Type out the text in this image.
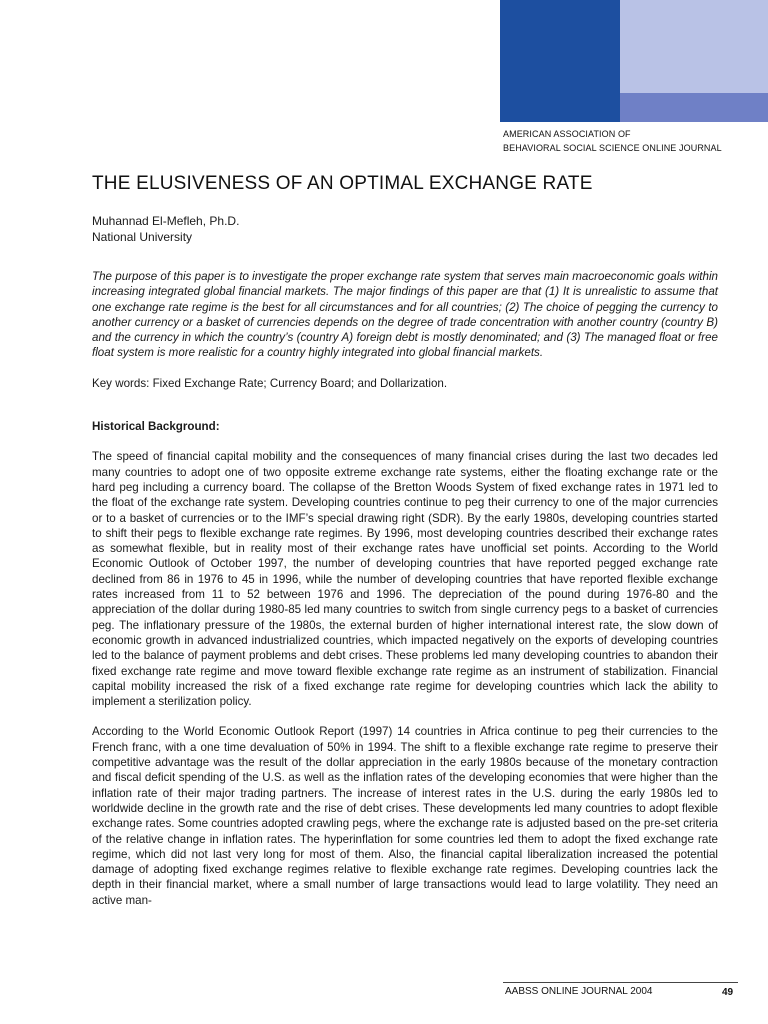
AMERICAN ASSOCIATION OF
BEHAVIORAL SOCIAL SCIENCE ONLINE JOURNAL
THE ELUSIVENESS OF AN OPTIMAL EXCHANGE RATE
Muhannad El-Mefleh, Ph.D.
National University

The purpose of this paper is to investigate the proper exchange rate system that serves main macroeconomic goals within increasing integrated global financial markets. The major findings of this paper are that (1) It is unrealistic to assume that one exchange rate regime is the best for all circumstances and for all countries; (2) The choice of pegging the currency to another currency or a basket of currencies depends on the degree of trade concentration with another country (country B) and the currency in which the country’s (country A) foreign debt is mostly denominated; and (3) The managed float or free float system is more realistic for a country highly integrated into global financial markets.

Key words: Fixed Exchange Rate; Currency Board; and Dollarization.

Historical Background:

The speed of financial capital mobility and the consequences of many financial crises during the last two decades led many countries to adopt one of two opposite extreme exchange rate systems, either the floating exchange rate or the hard peg including a currency board. The collapse of the Bretton Woods System of fixed exchange rates in 1971 led to the float of the exchange rate system. Developing countries continue to peg their currency to one of the major currencies or to a basket of currencies or to the IMF’s special drawing right (SDR). By the early 1980s, developing countries started to shift their pegs to flexible exchange rate regimes. By 1996, most developing countries described their exchange rates as somewhat flexible, but in reality most of their exchange rates have unofficial set points. According to the World Economic Outlook of October 1997, the number of developing countries that have reported pegged exchange rate declined from 86 in 1976 to 45 in 1996, while the number of developing countries that have reported flexible exchange rates increased from 11 to 52 between 1976 and 1996. The depreciation of the pound during 1976-80 and the appreciation of the dollar during 1980-85 led many countries to switch from single currency pegs to a basket of currencies peg. The inflationary pressure of the 1980s, the external burden of higher international interest rate, the slow down of economic growth in advanced industrialized countries, which impacted negatively on the exports of developing countries led to the balance of payment problems and debt crises. These problems led many developing countries to abandon their fixed exchange rate regime and move toward flexible exchange rate regime as an instrument of stabilization. Financial capital mobility increased the risk of a fixed exchange rate regime for developing countries which lack the ability to implement a sterilization policy.

According to the World Economic Outlook Report (1997) 14 countries in Africa continue to peg their currencies to the French franc, with a one time devaluation of 50% in 1994. The shift to a flexible exchange rate regime to preserve their competitive advantage was the result of the dollar appreciation in the early 1980s because of the monetary contraction and fiscal deficit spending of the U.S. as well as the inflation rates of the developing economies that were higher than the inflation rate of their major trading partners. The increase of interest rates in the U.S. during the early 1980s led to worldwide decline in the growth rate and the rise of debt crises. These developments led many countries to adopt flexible exchange rates. Some countries adopted crawling pegs, where the exchange rate is adjusted based on the pre-set criteria of the relative change in inflation rates. The hyperinflation for some countries led them to adopt the fixed exchange rate regime, which did not last very long for most of them. Also, the financial capital liberalization increased the potential damage of adopting fixed exchange regimes relative to flexible exchange rate regimes. Developing countries lack the depth in their financial market, where a small number of large transactions would lead to large volatility. They need an active man-

AABSS ONLINE JOURNAL 2004	49
